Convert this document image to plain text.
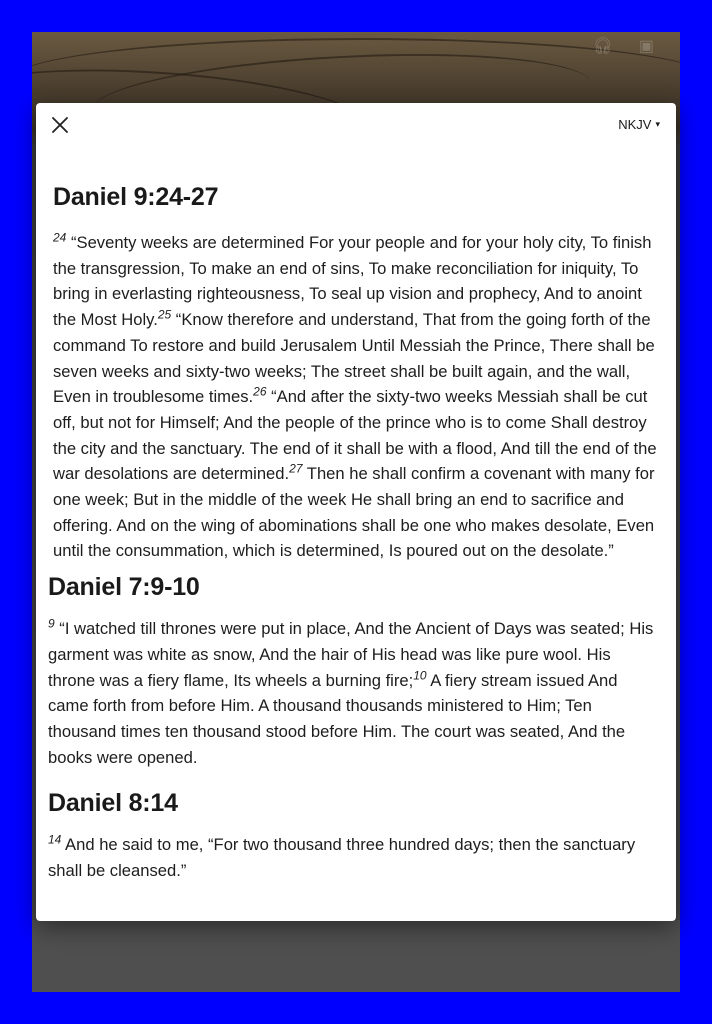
🎧︎ ▣
NKJV ▾
Daniel 9:24-27

$^{24}$ “Seventy weeks are determined For your people and for your holy city, To finish the transgression, To make an end of sins, To make reconciliation for iniquity, To bring in everlasting righteousness, To seal up vision and prophecy, And to anoint the Most Holy.$^{25}$ “Know therefore and understand, That from the going forth of the command To restore and build Jerusalem Until Messiah the Prince, There shall be seven weeks and sixty-two weeks; The street shall be built again, and the wall, Even in troublesome times.$^{26}$ “And after the sixty-two weeks Messiah shall be cut off, but not for Himself; And the people of the prince who is to come Shall destroy the city and the sanctuary. The end of it shall be with a flood, And till the end of the war desolations are determined.$^{27}$ Then he shall confirm a covenant with many for one week; But in the middle of the week He shall bring an end to sacrifice and offering. And on the wing of abominations shall be one who makes desolate, Even until the consummation, which is determined, Is poured out on the desolate.”

Daniel 7:9-10

$^9$ “I watched till thrones were put in place, And the Ancient of Days was seated; His garment was white as snow, And the hair of His head was like pure wool. His throne was a fiery flame, Its wheels a burning fire;$^{10}$ A fiery stream issued And came forth from before Him. A thousand thousands ministered to Him; Ten thousand times ten thousand stood before Him. The court was seated, And the books were opened.

Daniel 8:14

$^{14}$ And he said to me, “For two thousand three hundred days; then the sanctuary shall be cleansed.”
